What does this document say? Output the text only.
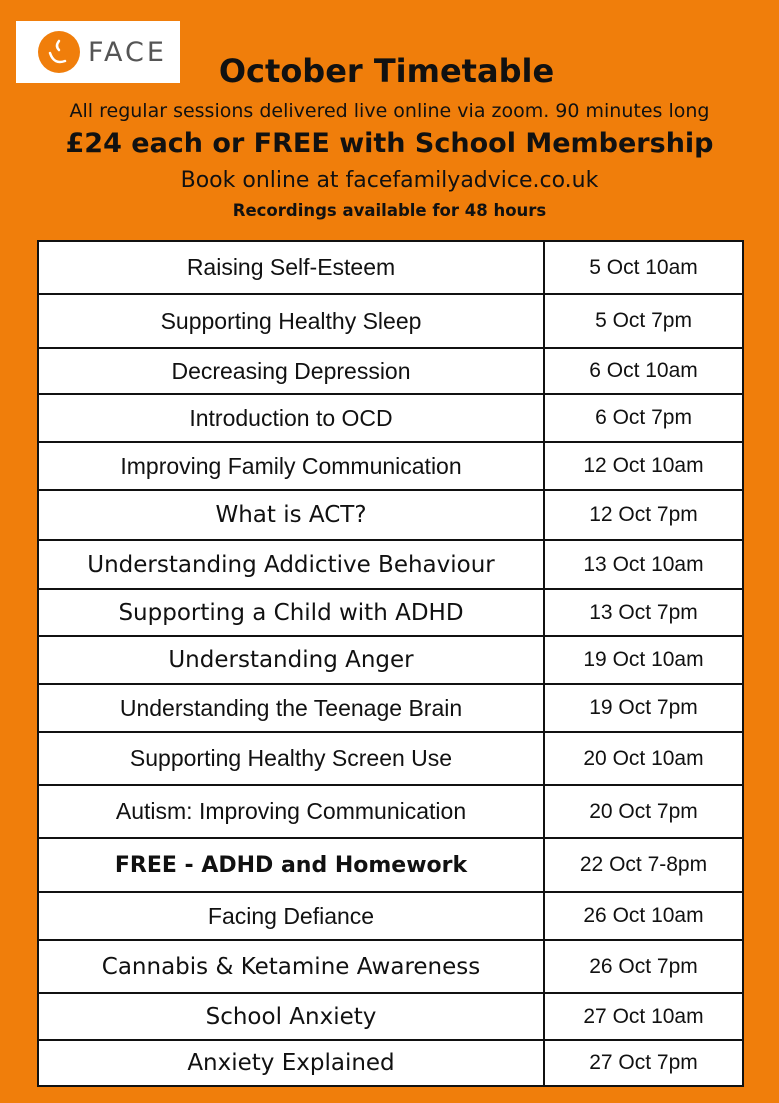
FACE	October Timetable
All regular sessions delivered live online via zoom. 90 minutes long
£24 each or FREE with School Membership
Book online at facefamilyadvice.co.uk
Recordings available for 48 hours
Raising Self-Esteem	5 Oct 10am
Supporting Healthy Sleep	5 Oct 7pm
Decreasing Depression	6 Oct 10am
Introduction to OCD	6 Oct 7pm
Improving Family Communication	12 Oct 10am
What is ACT?	12 Oct 7pm
Understanding Addictive Behaviour	13 Oct 10am
Supporting a Child with ADHD	13 Oct 7pm
Understanding Anger	19 Oct 10am
Understanding the Teenage Brain	19 Oct 7pm
Supporting Healthy Screen Use	20 Oct 10am
Autism: Improving Communication	20 Oct 7pm
FREE - ADHD and Homework	22 Oct 7-8pm
Facing Defiance	26 Oct 10am
Cannabis & Ketamine Awareness	26 Oct 7pm
School Anxiety	27 Oct 10am
Anxiety Explained	27 Oct 7pm
